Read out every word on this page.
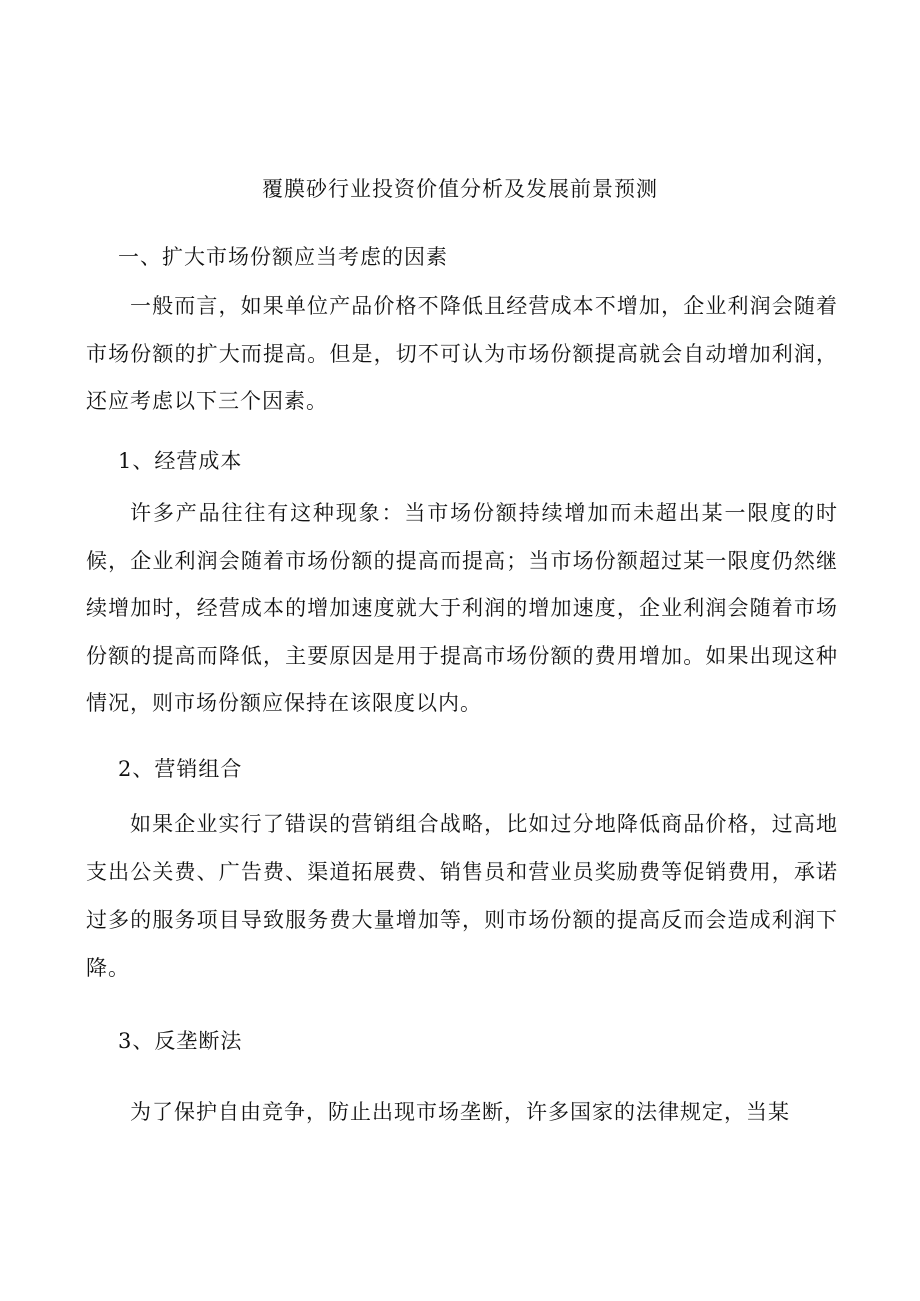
覆膜砂行业投资价值分析及发展前景预测

一、扩大市场份额应当考虑的因素

一般而言，如果单位产品价格不降低且经营成本不增加，企业利润会随着市场份额的扩大而提高。但是，切不可认为市场份额提高就会自动增加利润，还应考虑以下三个因素。

1、经营成本

许多产品往往有这种现象：当市场份额持续增加而未超出某一限度的时候，企业利润会随着市场份额的提高而提高；当市场份额超过某一限度仍然继续增加时，经营成本的增加速度就大于利润的增加速度，企业利润会随着市场份额的提高而降低，主要原因是用于提高市场份额的费用增加。如果出现这种情况，则市场份额应保持在该限度以内。

2、营销组合

如果企业实行了错误的营销组合战略，比如过分地降低商品价格，过高地支出公关费、广告费、渠道拓展费、销售员和营业员奖励费等促销费用，承诺过多的服务项目导致服务费大量增加等，则市场份额的提高反而会造成利润下降。

3、反垄断法

为了保护自由竞争，防止出现市场垄断，许多国家的法律规定，当某
